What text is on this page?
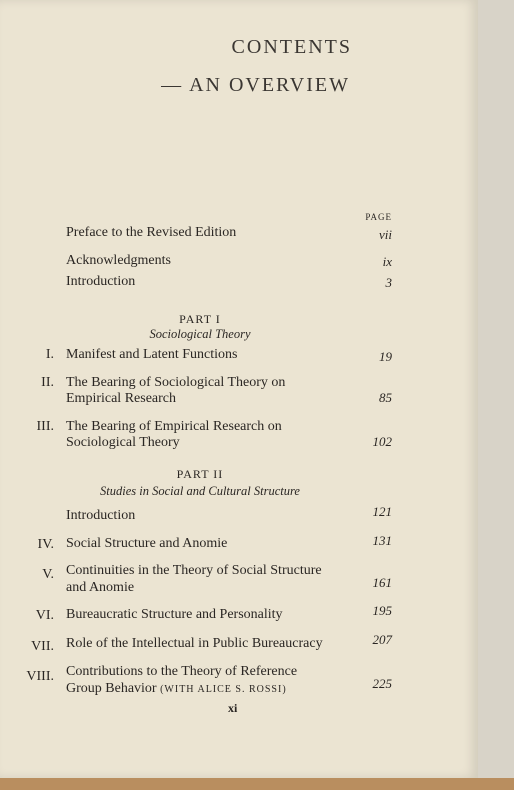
CONTENTS
— AN OVERVIEW
PAGE
Preface to the Revised Edition	vii
Acknowledgments	ix
Introduction	3
PART I
Sociological Theory
I. Manifest and Latent Functions	19
II. The Bearing of Sociological Theory on
Empirical Research	85
III. The Bearing of Empirical Research on
Sociological Theory	102
PART II
Studies in Social and Cultural Structure
Introduction	121
IV. Social Structure and Anomie	131
V. Continuities in the Theory of Social Structure
and Anomie	161
VI. Bureaucratic Structure and Personality	195
VII. Role of the Intellectual in Public Bureaucracy	207
VIII. Contributions to the Theory of Reference
Group Behavior (WITH ALICE S. ROSSI)	225
xi
